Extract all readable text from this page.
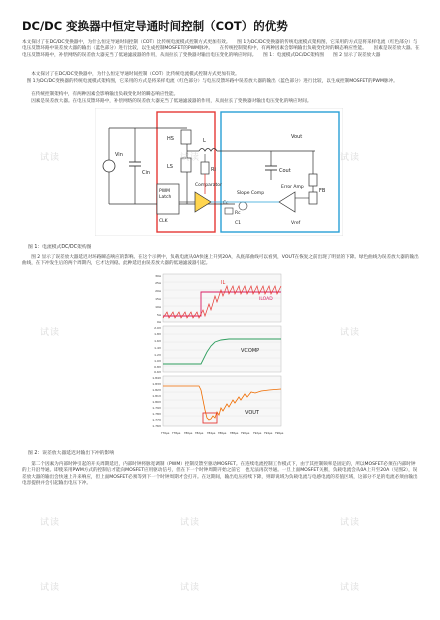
DC/DC 变换器中恒定导通时间控制（COT）的优势

本文探讨了在DC/DC变换器中，为什么恒定导通时间控制（COT）比传统电流模式控制方式更加有效。　　图 1为DC/DC变换器的传统电流模式架构图，它采用的方式是将采样电流（红色部分）与电压反馈环路中误差放大器的输出（蓝色部分）进行比较，以生成控制MOSFET的PWM脉冲。　　在传统控制架构中，有两种因素会影响输出负载变化时的瞬态响应性能。　　因素是误差放大器。在电压反馈环路中，补偿网络的误差放大器充当了低通滤波器的作用，从而拉长了变换器对输出电压变化的响应时间。　　图 1：电流模式DC/DC架构图　　图 2 显示了误差放大器

　　本文探讨了在DC/DC变换器中，为什么恒定导通时间控制（COT）比传统电流模式控制方式更加有效。

　图 1为DC/DC变换器的传统电流模式架构图，它采用的方式是将采样电流（红色部分）与电压反馈环路中误差放大器的输出（蓝色部分）进行比较，以生成控制MOSFET的PWM脉冲。

　　在传统控制架构中，有两种因素会影响输出负载变化时的瞬态响应性能。

　　因素是误差放大器。在电压反馈环路中，补偿网络的误差放大器充当了低通滤波器的作用，从而拉长了变换器对输出电压变化的响应时间。

Vin
Cin
HS
LS
L
Ri
Vout
Cout
FB
PWM
Latch
CLK
Comparator
Slope Comp
Rc
Cc
C1
Error Amp
Vref
图 1：电流模式DC/DC架构图

　　图 2 显示了误差放大器延迟对环路瞬态响应的影响。在这个示例中，负载电流从0A快速上升到20A，从底部曲线可以看到，VOUT在恢复之前出现了明显的下降。绿色曲线为误差放大器的输出曲线，在下冲发生后的两个周期内，它才达到稳。此种延迟由误差放大器的低通滤波器引起。

IL
ILOAD
VCOMP
VOUT
30A
25A
20A
15A
10A
5A
0A
2.0V
1.8V
1.6V
1.4V
1.2V
1.0V
0.8V
0.6V
1.84V
1.83V
1.82V
1.81V
1.80V
1.79V
1.78V
1.77V
1.76V
776μs 778μs 780μs 782μs 784μs 786μs 788μs 790μs 792μs 794μs 796μs
图 2：误差放大器延迟对输出下冲的影响

　　第二个因素为内部时钟引起的开关周期延迟，内部时钟将脉宽调制（PWM）控制反馈至驱动MOSFET。在连续电流控制工作模式下，由于其控制频率是固定的，所以MOSFET必须在内部时钟的上升沿导通。即使采用PWM方式的控制后才能向MOSFET应用驱动信号，但在下一个时钟周期开始之前它　也无法再次导通。一旦上面MOSFET关断，负载电流会从0A上升至20A（见图2），误差放大器的输出会快速上升来响应，但上面MOSFET必须等到下一个时钟周期才会打开。在这期间，输出电压持续下降，则即说域为负载电流与电感电流的差值区域，这部分不足的电流必须由输出电容提供并会引起输出电压下冲。

试读	试读	试读
试读	试读
试读	试读	试读
试读	试读	试读
